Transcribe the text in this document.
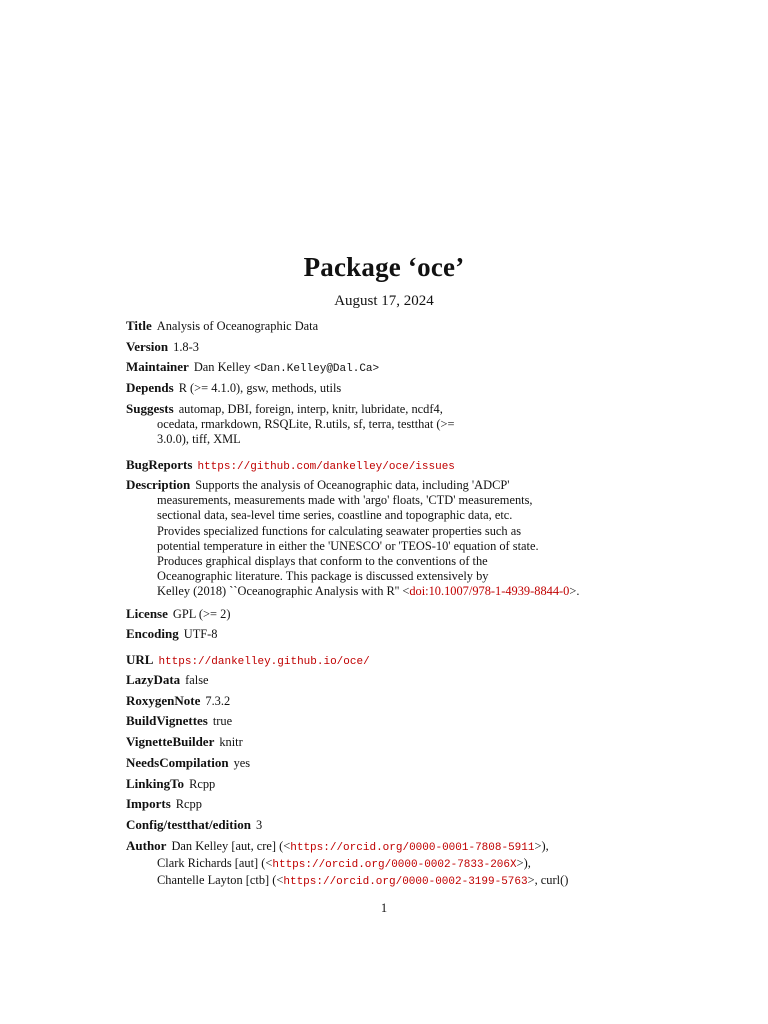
Package ‘oce’
August 17, 2024
Title Analysis of Oceanographic Data
Version 1.8-3
Maintainer Dan Kelley <Dan.Kelley@Dal.Ca>
Depends R (>= 4.1.0), gsw, methods, utils
Suggests automap, DBI, foreign, interp, knitr, lubridate, ncdf4,
ocedata, rmarkdown, RSQLite, R.utils, sf, terra, testthat (>=
3.0.0), tiff, XML
BugReports https://github.com/dankelley/oce/issues
Description Supports the analysis of Oceanographic data, including 'ADCP'
measurements, measurements made with 'argo' floats, 'CTD' measurements,
sectional data, sea-level time series, coastline and topographic data, etc.
Provides specialized functions for calculating seawater properties such as
potential temperature in either the 'UNESCO' or 'TEOS-10' equation of state.
Produces graphical displays that conform to the conventions of the
Oceanographic literature. This package is discussed extensively by
Kelley (2018) ``Oceanographic Analysis with R'' <doi:10.1007/978-1-4939-8844-0>.
License GPL (>= 2)
Encoding UTF-8
URL https://dankelley.github.io/oce/
LazyData false
RoxygenNote 7.3.2
BuildVignettes true
VignetteBuilder knitr
NeedsCompilation yes
LinkingTo Rcpp
Imports Rcpp
Config/testthat/edition 3
Author Dan Kelley [aut, cre] (<https://orcid.org/0000-0001-7808-5911>),
Clark Richards [aut] (<https://orcid.org/0000-0002-7833-206X>),
Chantelle Layton [ctb] (<https://orcid.org/0000-0002-3199-5763>, curl()
1
